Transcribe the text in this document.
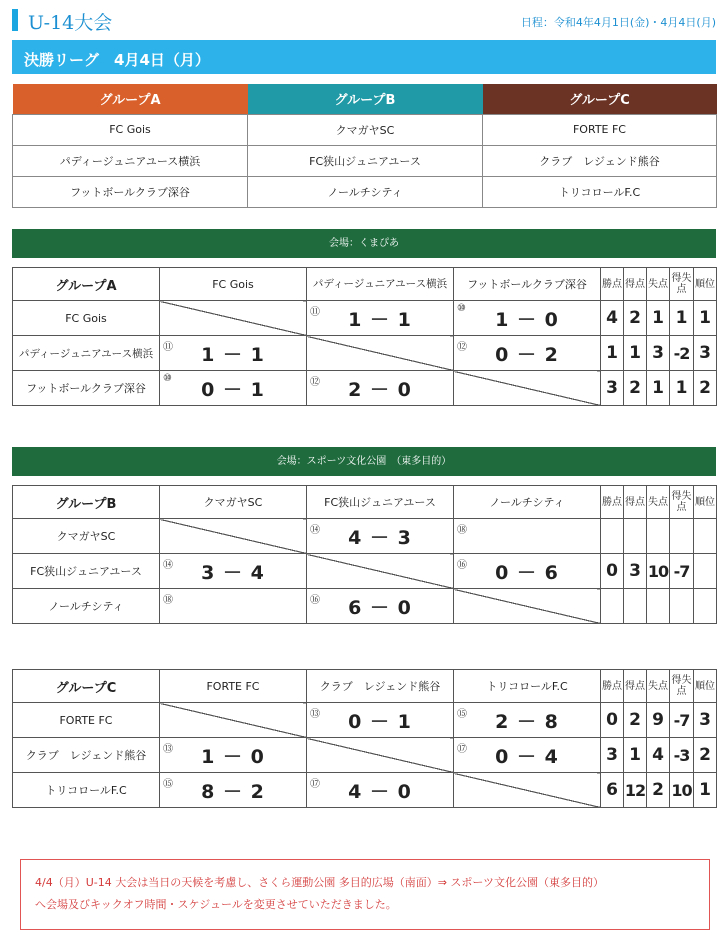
U-14大会	日程：令和4年4月1日(金)・4月4日(月)
決勝リーグ　4月4日（月）
グループA	グループB	グループC
FC Gois	クマガヤSC	FORTE FC
パディージュニアユース横浜	FC狭山ジュニアユース	クラブ　レジェンド熊谷
フットボールクラブ深谷	ノールチシティ	トリコロールF.C
会場：くまぴあ
グループA	FC Gois	パディージュニアユース横浜	フットボールクラブ深谷	勝点	得点	失点	得失点	順位
FC Gois		⑪ 1 － 1	⑩ 1 － 0	4	2	1	1	1
パディージュニアユース横浜	⑪ 1 － 1		⑫ 0 － 2	1	1	3	-2	3
フットボールクラブ深谷	⑩ 0 － 1	⑫ 2 － 0		3	2	1	1	2
会場：スポーツ文化公園　（東多目的）
グループB	クマガヤSC	FC狭山ジュニアユース	ノールチシティ	勝点	得点	失点	得失点	順位
クマガヤSC		⑭ 4 － 3	⑱					

FC狭山ジュニアユース	⑭ 3 － 4		⑯ 0 － 6	0	3	10	-7	
ノールチシティ	⑱	⑯ 6 － 0						
グループC	FORTE FC	クラブ　レジェンド熊谷	トリコロールF.C	勝点	得点	失点	得失点	順位
FORTE FC		⑬ 0 － 1	⑮ 2 － 8	0	2	9	-7	3
クラブ　レジェンド熊谷	⑬ 1 － 0		⑰ 0 － 4	3	1	4	-3	2
トリコロールF.C	⑮ 8 － 2	⑰ 4 － 0		6	12	2	10	1
4/4（月）U-14 大会は当日の天候を考慮し、さくら運動公園 多目的広場（南面）⇒ スポーツ文化公園（東多目的）
へ会場及びキックオフ時間・スケジュールを変更させていただきました。
